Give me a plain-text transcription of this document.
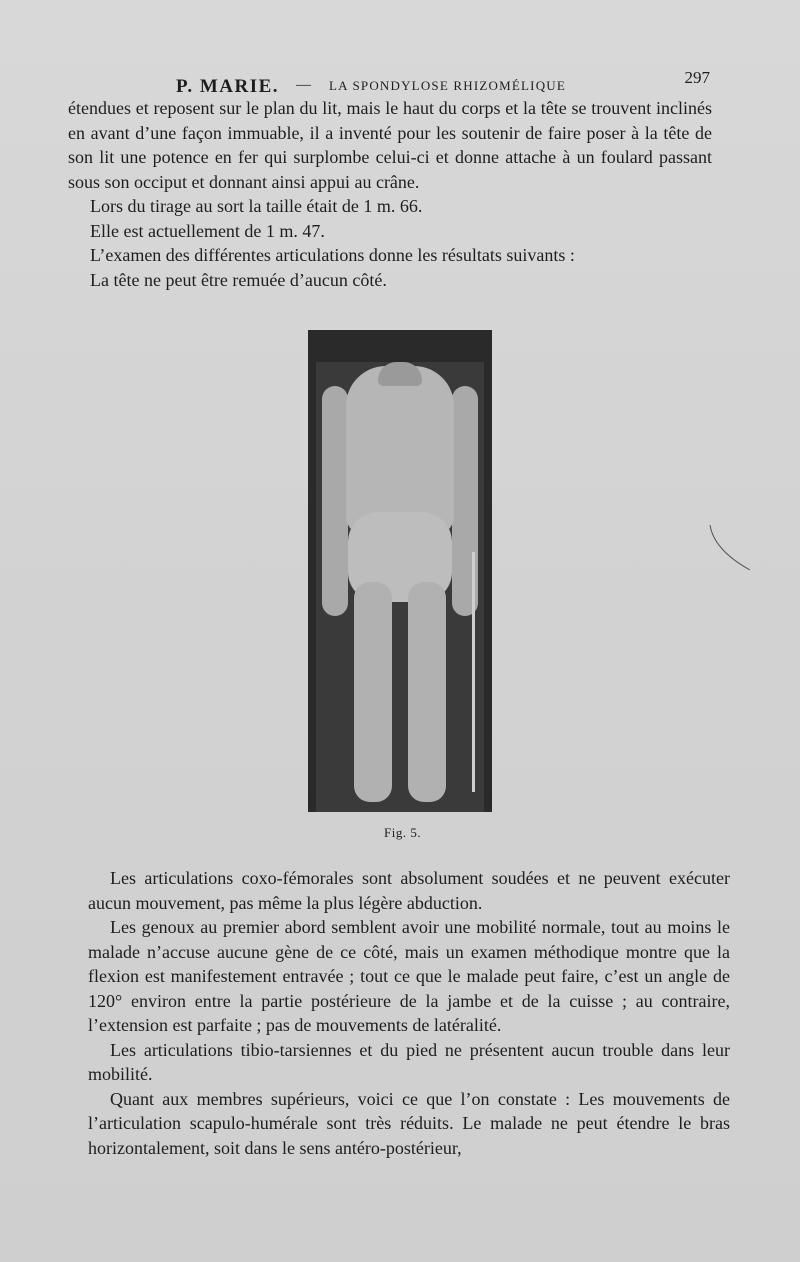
P. MARIE. — LA SPONDYLOSE RHIZOMÉLIQUE	297

étendues et reposent sur le plan du lit, mais le haut du corps et la tête se trouvent inclinés en avant d’une façon immuable, il a inventé pour les soutenir de faire poser à la tête de son lit une potence en fer qui surplombe celui-ci et donne attache à un foulard passant sous son occiput et donnant ainsi appui au crâne.

Lors du tirage au sort la taille était de 1 m. 66.

Elle est actuellement de 1 m. 47.

L’examen des différentes articulations donne les résultats suivants :

La tête ne peut être remuée d’aucun côté.

Fig. 5.

Les articulations coxo-fémorales sont absolument soudées et ne peuvent exécuter aucun mouvement, pas même la plus légère abduction.

Les genoux au premier abord semblent avoir une mobilité normale, tout au moins le malade n’accuse aucune gène de ce côté, mais un examen méthodique montre que la flexion est manifestement entravée ; tout ce que le malade peut faire, c’est un angle de 120° environ entre la partie postérieure de la jambe et de la cuisse ; au contraire, l’extension est parfaite ; pas de mouvements de latéralité.

Les articulations tibio-tarsiennes et du pied ne présentent aucun trouble dans leur mobilité.

Quant aux membres supérieurs, voici ce que l’on constate : Les mouvements de l’articulation scapulo-humérale sont très réduits. Le malade ne peut étendre le bras horizontalement, soit dans le sens antéro-postérieur,
